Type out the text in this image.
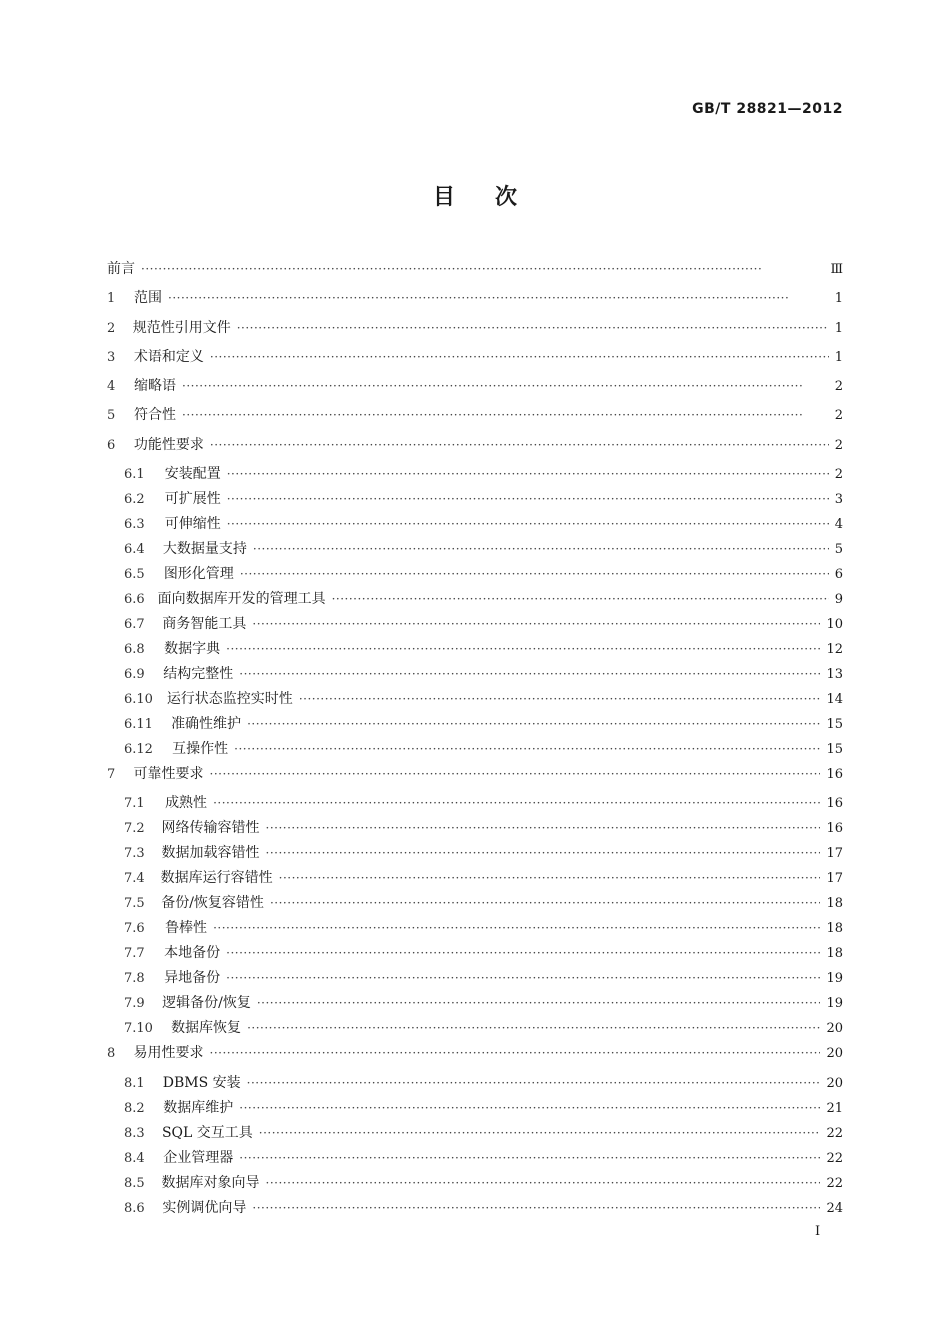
GB/T 28821—2012
目 次
前言 ·····	Ⅲ
1	范围 ·····	1
2	规范性引用文件 ·····	1
3	术语和定义 ·····	1
4	缩略语 ·····	2
5	符合性 ·····	2
6	功能性要求 ·····	2
6.1	安装配置 ·····	2
6.2	可扩展性 ·····	3
6.3	可伸缩性 ·····	4
6.4	大数据量支持 ·····	5
6.5	图形化管理 ·····	6
6.6 面向数据库开发的管理工具 ·····	9
6.7	商务智能工具 ·····	10
6.8	数据字典 ·····	12
6.9	结构完整性 ·····	13
6.10 运行状态监控实时性 ·····	14
6.11	准确性维护 ·····	15
6.12	互操作性 ·····	15
7	可靠性要求 ·····	16
7.1	成熟性 ·····	16
7.2	网络传输容错性 ·····	16
7.3	数据加载容错性 ·····	17
7.4	数据库运行容错性 ·····	17
7.5	备份/恢复容错性 ·····	18
7.6	鲁棒性 ·····	18
7.7	本地备份 ·····	18
7.8	异地备份 ·····	19
7.9	逻辑备份/恢复 ·····	19
7.10	数据库恢复 ·····	20
8	易用性要求 ·····	20
8.1	DBMS 安装 ·····	20
8.2	数据库维护 ·····	21
8.3	SQL 交互工具 ·····	22
8.4	企业管理器 ·····	22
8.5	数据库对象向导 ·····	22
8.6	实例调优向导 ·····	24
I
